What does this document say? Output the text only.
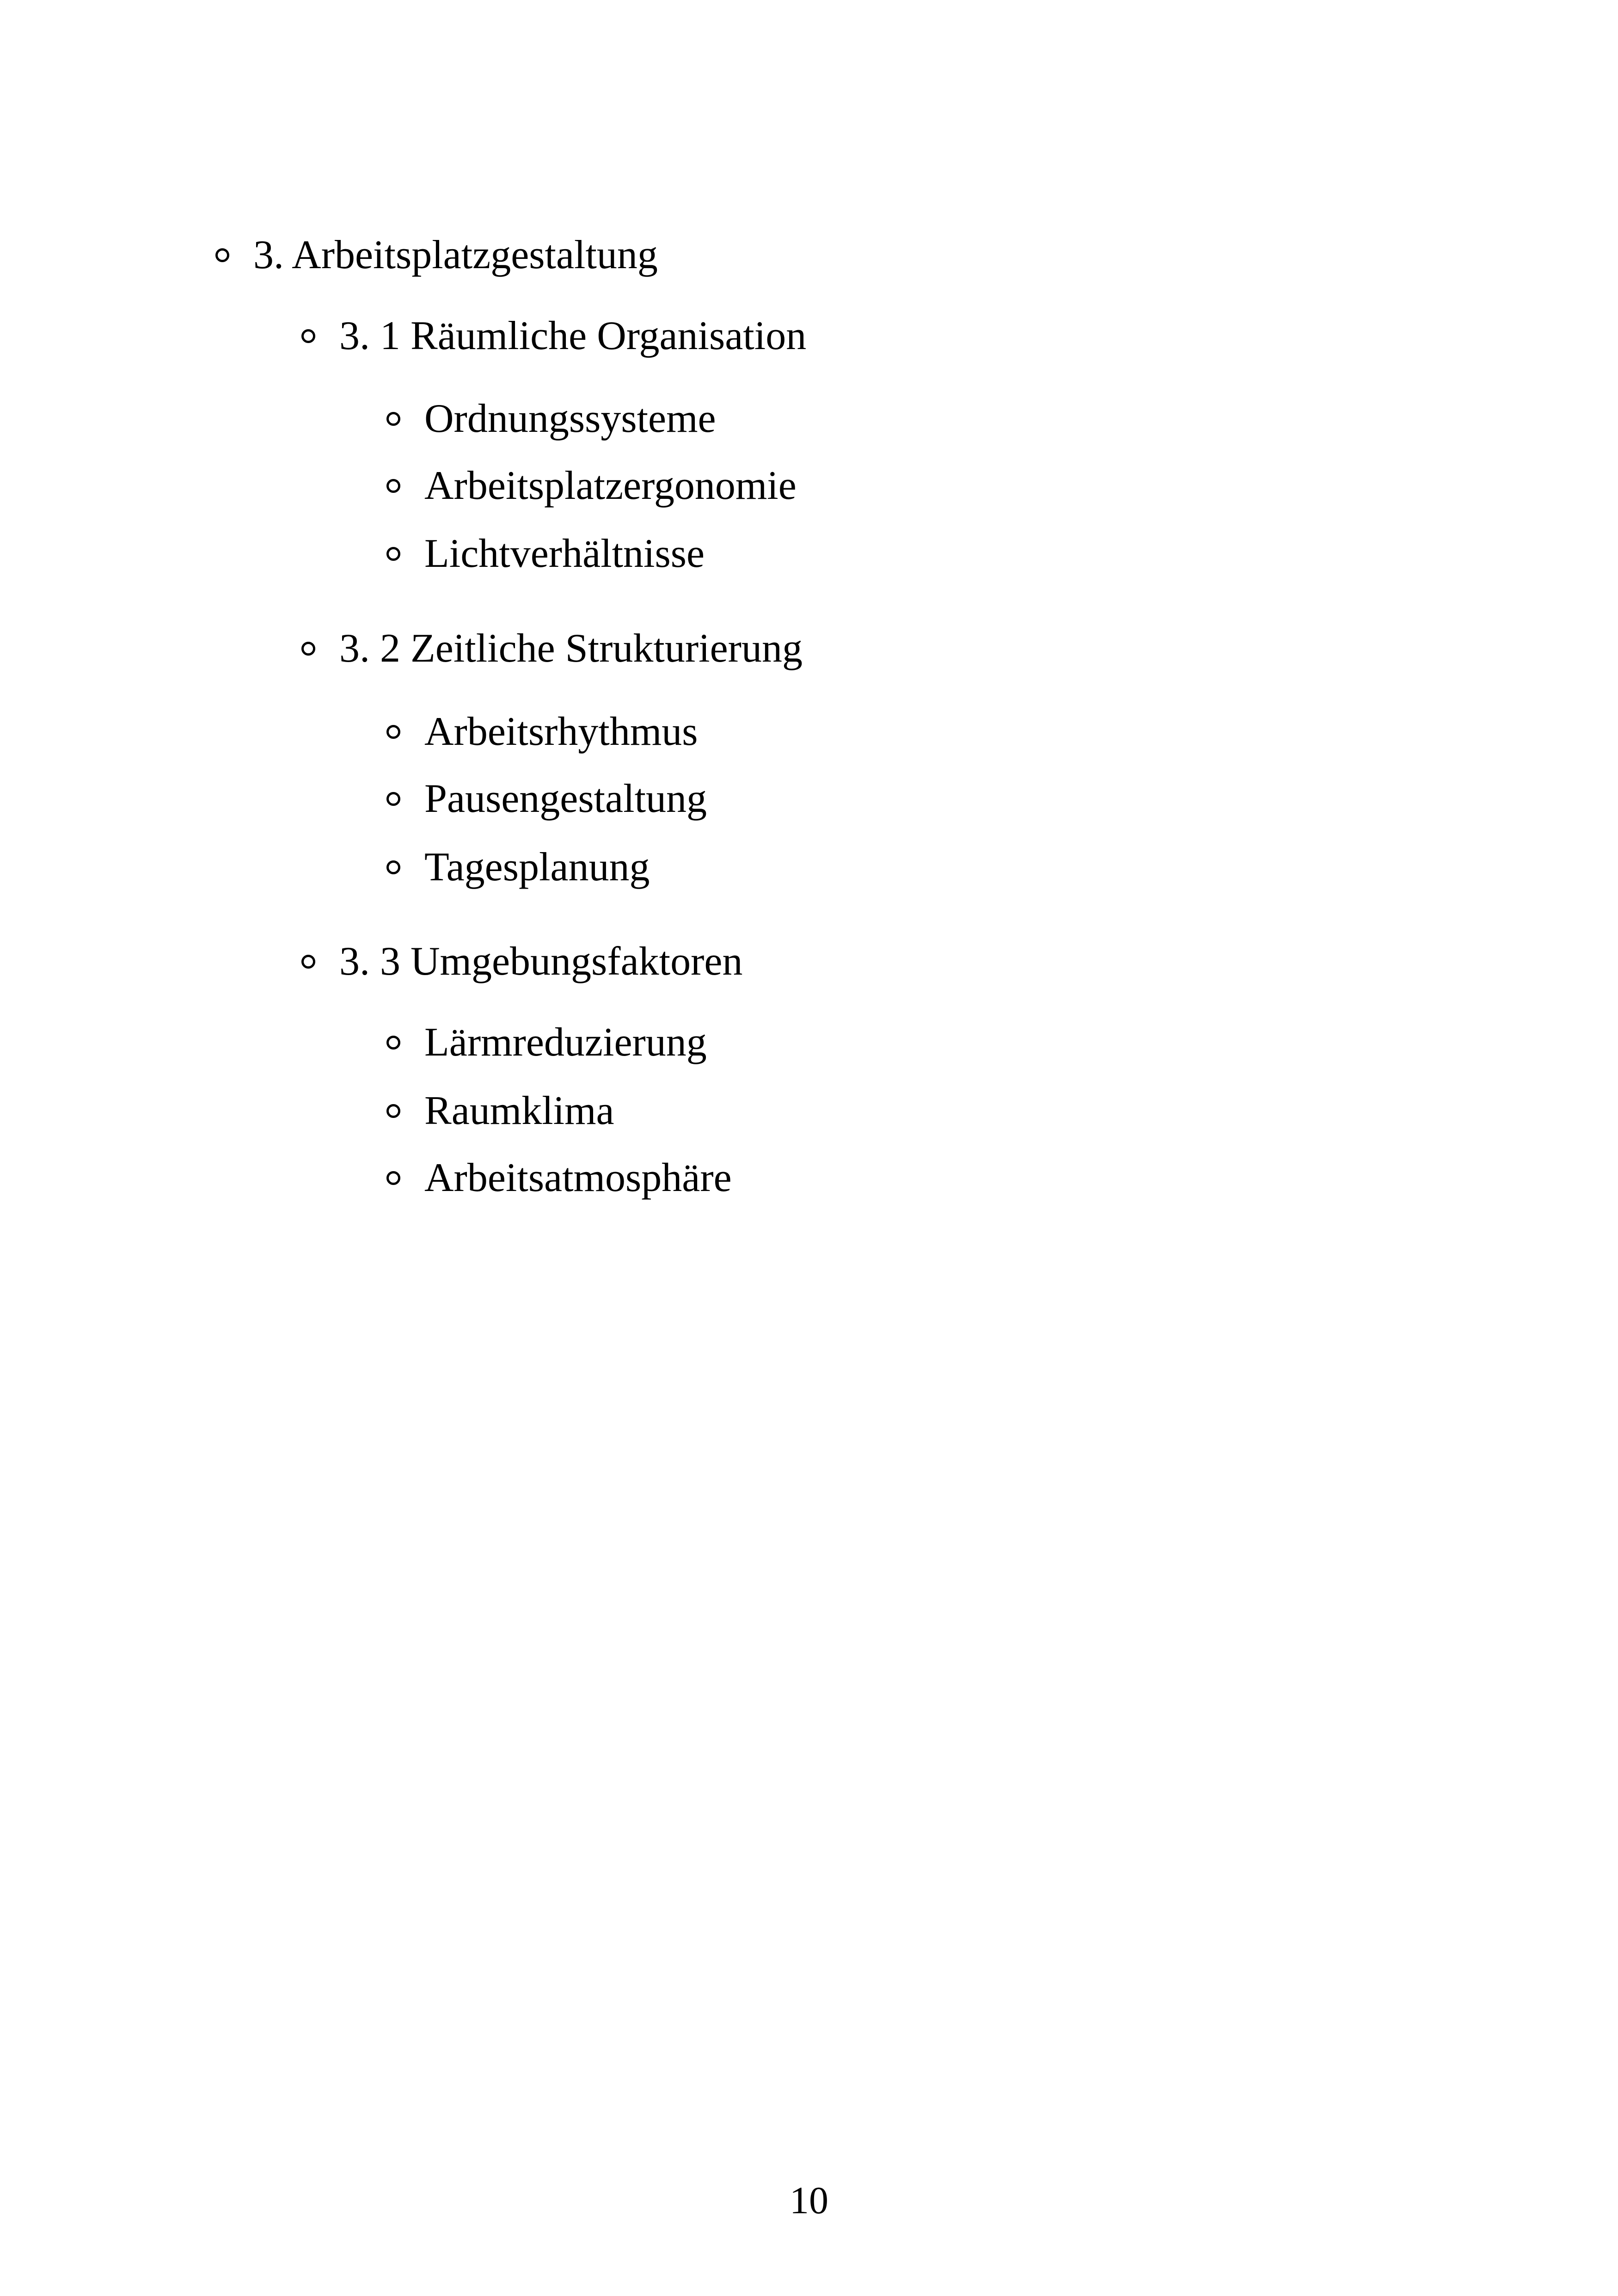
3. Arbeitsplatzgestaltung
3. 1 Räumliche Organisation
Ordnungssysteme
Arbeitsplatzergonomie
Lichtverhältnisse
3. 2 Zeitliche Strukturierung
Arbeitsrhythmus
Pausengestaltung
Tagesplanung
3. 3 Umgebungsfaktoren
Lärmreduzierung
Raumklima
Arbeitsatmosphäre
10
